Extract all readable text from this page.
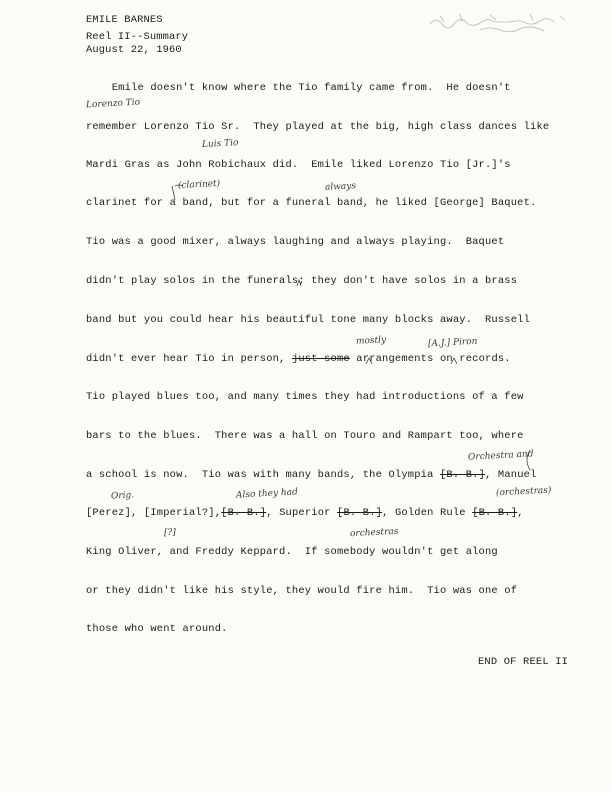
EMILE BARNES
Reel II--Summary
August 22, 1960
Emile doesn't know where the Tio family came from.  He doesn't
remember Lorenzo Tio Sr.  They played at the big, high class dances like
Mardi Gras as John Robichaux did.  Emile liked Lorenzo Tio [Jr.]'s
clarinet for a band, but for a funeral band, he liked [George] Baquet.
Tio was a good mixer, always laughing and always playing.  Baquet
didn't play solos in the funerals; they don't have solos in a brass
band but you could hear his beautiful tone many blocks away.  Russell
didn't ever hear Tio in person, just some arrangements on records.
Tio played blues too, and many times they had introductions of a few
bars to the blues.  There was a hall on Touro and Rampart too, where
a school is now.  Tio was with many bands, the Olympia [B. B.], Manuel
[Perez], [Imperial?],[B. B.], Superior [B. B.], Golden Rule [B. B.],
King Oliver, and Freddy Keppard.  If somebody wouldn't get along
or they didn't like his style, they would fire him.  Tio was one of
those who went around.
END OF REEL II
Lorenzo Tio
Luis Tio
(clarinet)	always
[A.J.] Piron
mostly
Orchestra and
Also they had	(orchestras)
orchestras
[?]
Orig.
